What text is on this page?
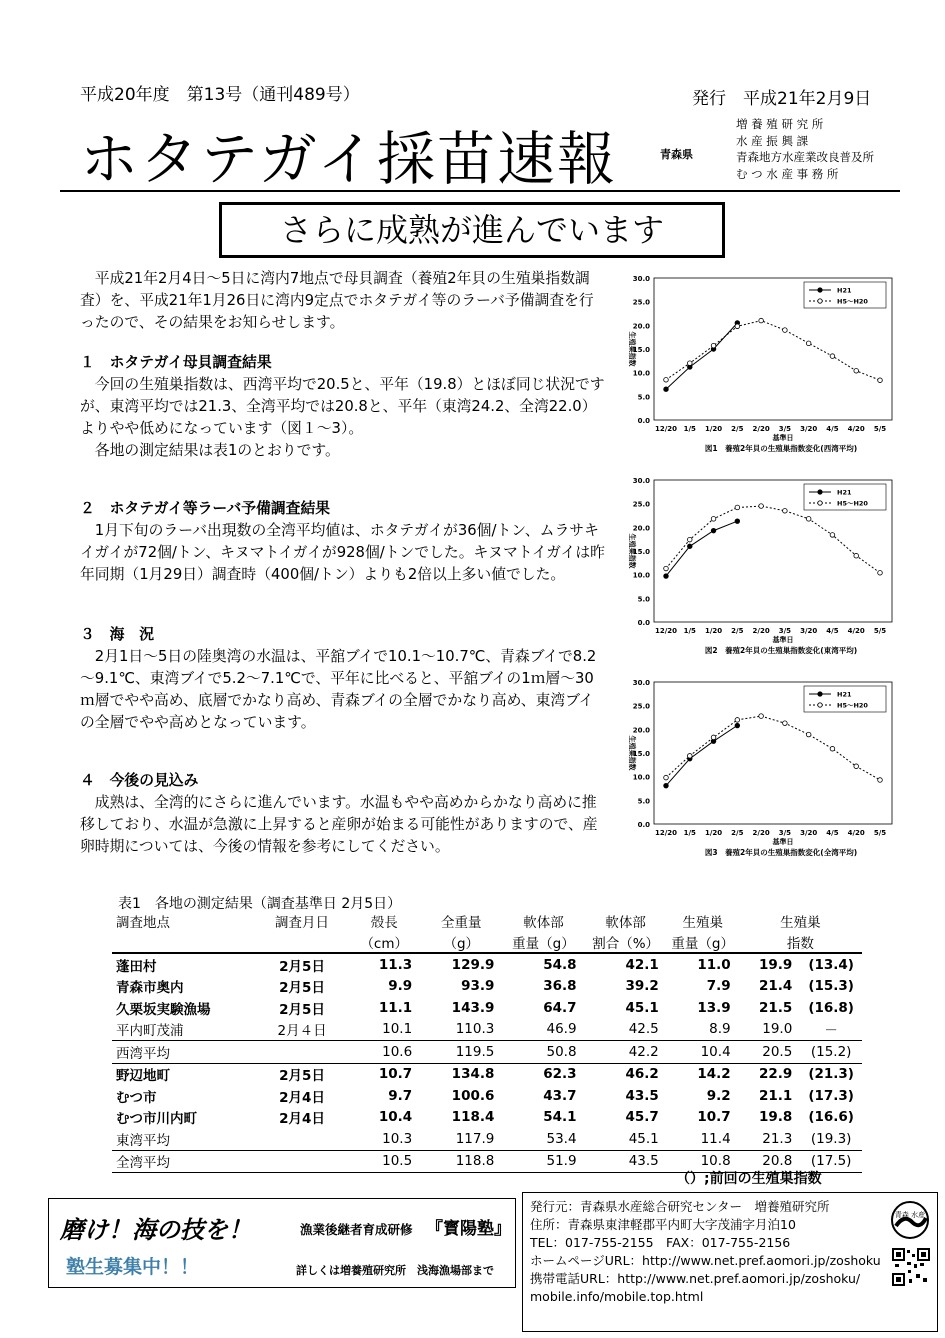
平成20年度　第13号（通刊489号）	発行　平成21年2月9日
ホタテガイ採苗速報	青森県
増 養 殖 研 究 所
水 産 振 興 課
青森地方水産業改良普及所
む つ 水 産 事 務 所
さらに成熟が進んでいます

平成21年2月4日～5日に湾内7地点で母貝調査（養殖2年貝の生殖巣指数調査）を、平成21年1月26日に湾内9定点でホタテガイ等のラーバ予備調査を行ったので、その結果をお知らせします。

１　ホタテガイ母貝調査結果

今回の生殖巣指数は、西湾平均で20.5と、平年（19.8）とほぼ同じ状況ですが、東湾平均では21.3、全湾平均では20.8と、平年（東湾24.2、全湾22.0）よりやや低めになっています（図１～3）。

各地の測定結果は表1のとおりです。

２　ホタテガイ等ラーバ予備調査結果

1月下旬のラーバ出現数の全湾平均値は、ホタテガイが36個/トン、ムラサキイガイが72個/トン、キヌマトイガイが928個/トンでした。キヌマトイガイは昨年同期（1月29日）調査時（400個/トン）よりも2倍以上多い値でした。

３　海　況

2月1日～5日の陸奥湾の水温は、平舘ブイで10.1～10.7℃、青森ブイで8.2～9.1℃、東湾ブイで5.2～7.1℃で、平年に比べると、平舘ブイの1ｍ層～30ｍ層でやや高め、底層でかなり高め、青森ブイの全層でかなり高め、東湾ブイの全層でやや高めとなっています。

４　今後の見込み

成熟は、全湾的にさらに進んでいます。水温もやや高めからかなり高めに推移しており、水温が急激に上昇すると産卵が始まる可能性がありますので、産卵時期については、今後の情報を参考にしてください。

0.0
5.0
10.0
15.0
20.0
25.0
30.0
12/20 1/5 1/20 2/5 2/20 3/5 3/20 4/5 4/20 5/5
基準日
生殖巣指数
図1　養殖2年貝の生殖巣指数変化(西湾平均)
H21
H5～H20
0.0
5.0
10.0
15.0
20.0
25.0
30.0
12/20 1/5 1/20 2/5 2/20 3/5 3/20 4/5 4/20 5/5
基準日
生殖巣指数
図2　養殖2年貝の生殖巣指数変化(東湾平均)
H21
H5～H20
0.0
5.0
10.0
15.0
20.0
25.0
30.0
12/20 1/5 1/20 2/5 2/20 3/5 3/20 4/5 4/20 5/5
基準日
生殖巣指数
図3　養殖2年貝の生殖巣指数変化(全湾平均)
H21
H5～H20
表1　各地の測定結果（調査基準日 2月5日）
調査地点	調査月日	殻長	全重量	軟体部	軟体部	生殖巣	生殖巣	
		（cm）	（g）	重量（g）	割合（%）	重量（g）	指数	
蓬田村	2月5日	11.3	129.9	54.8	42.1	11.0	19.9	(13.4)
青森市奥内	2月5日	9.9	93.9	36.8	39.2	7.9	21.4	(15.3)
久栗坂実験漁場	2月5日	11.1	143.9	64.7	45.1	13.9	21.5	(16.8)
平内町茂浦	2月４日	10.1	110.3	46.9	42.5	8.9	19.0	－
西湾平均		10.6	119.5	50.8	42.2	10.4	20.5	(15.2)
野辺地町	2月5日	10.7	134.8	62.3	46.2	14.2	22.9	(21.3)
むつ市	2月4日	9.7	100.6	43.7	43.5	9.2	21.1	(17.3)
むつ市川内町	2月4日	10.4	118.4	54.1	45.7	10.7	19.8	(16.6)
東湾平均		10.3	117.9	53.4	45.1	11.4	21.3	(19.3)
全湾平均		10.5	118.8	51.9	43.5	10.8	20.8	(17.5)
（）;前回の生殖巣指数
磨け！海の技を！	漁業後継者育成研修 『寳陽塾』
塾生募集中！！	詳しくは増養殖研究所　浅海漁場部まで
発行元：青森県水産総合研究センター　増養殖研究所
住所：青森県東津軽郡平内町大字茂浦字月泊10
TEL：017-755-2155　FAX：017-755-2156
ホームページURL：http://www.net.pref.aomori.jp/zoshoku
携帯電話URL：http://www.net.pref.aomori.jp/zoshoku/
mobile.info/mobile.top.html
青森 水産
